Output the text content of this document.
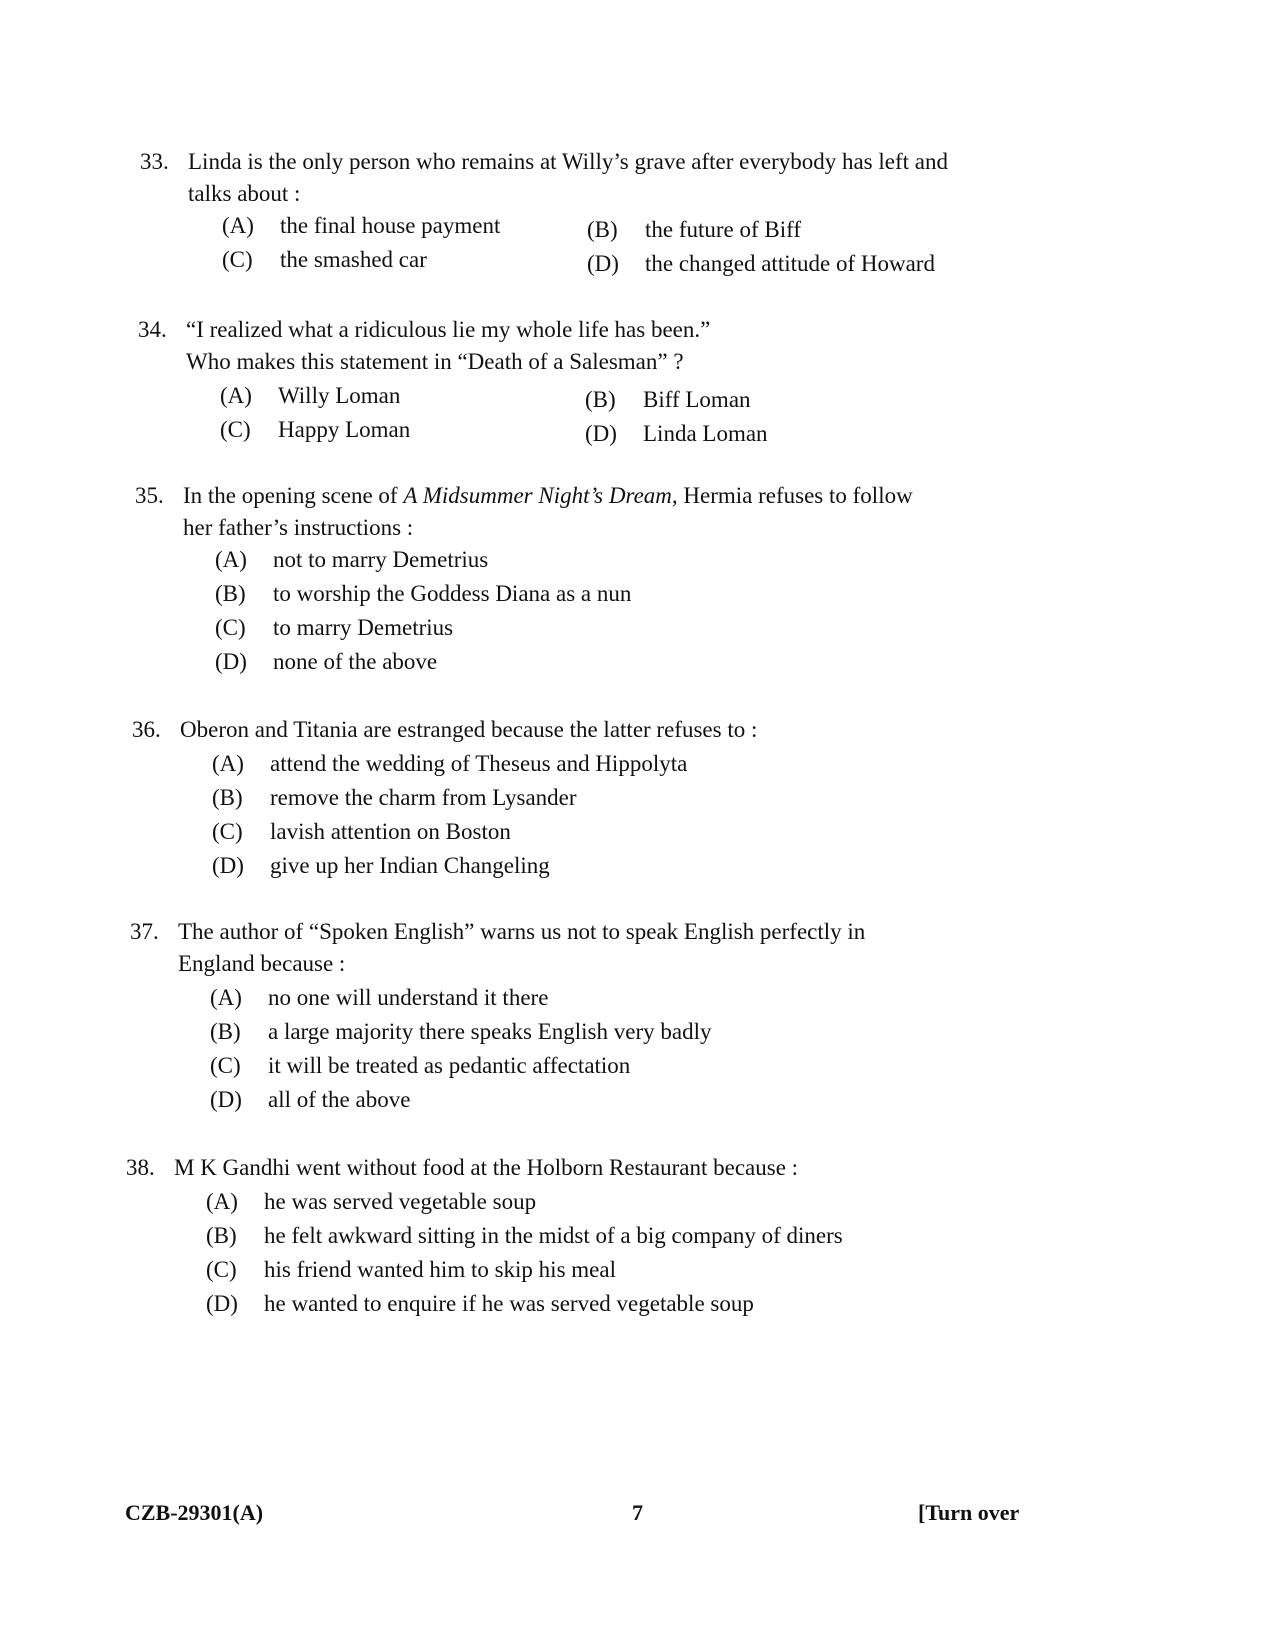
33. Linda is the only person who remains at Willy’s grave after everybody has left and talks about :
(A) the final house payment	(B) the future of Biff
(C) the smashed car	(D) the changed attitude of Howard
34. “I realized what a ridiculous lie my whole life has been.”
Who makes this statement in “Death of a Salesman” ?
(A) Willy Loman	(B) Biff Loman
(C) Happy Loman	(D) Linda Loman
35. In the opening scene of A Midsummer Night’s Dream, Hermia refuses to follow her father’s instructions :
(A) not to marry Demetrius
(B) to worship the Goddess Diana as a nun
(C) to marry Demetrius
(D) none of the above
36. Oberon and Titania are estranged because the latter refuses to :
(A) attend the wedding of Theseus and Hippolyta
(B) remove the charm from Lysander
(C) lavish attention on Boston
(D) give up her Indian Changeling
37. The author of “Spoken English” warns us not to speak English perfectly in England because :
(A) no one will understand it there
(B) a large majority there speaks English very badly
(C) it will be treated as pedantic affectation
(D) all of the above
38. M K Gandhi went without food at the Holborn Restaurant because :
(A) he was served vegetable soup
(B) he felt awkward sitting in the midst of a big company of diners
(C) his friend wanted him to skip his meal
(D) he wanted to enquire if he was served vegetable soup
CZB-29301(A)	7	[Turn over
